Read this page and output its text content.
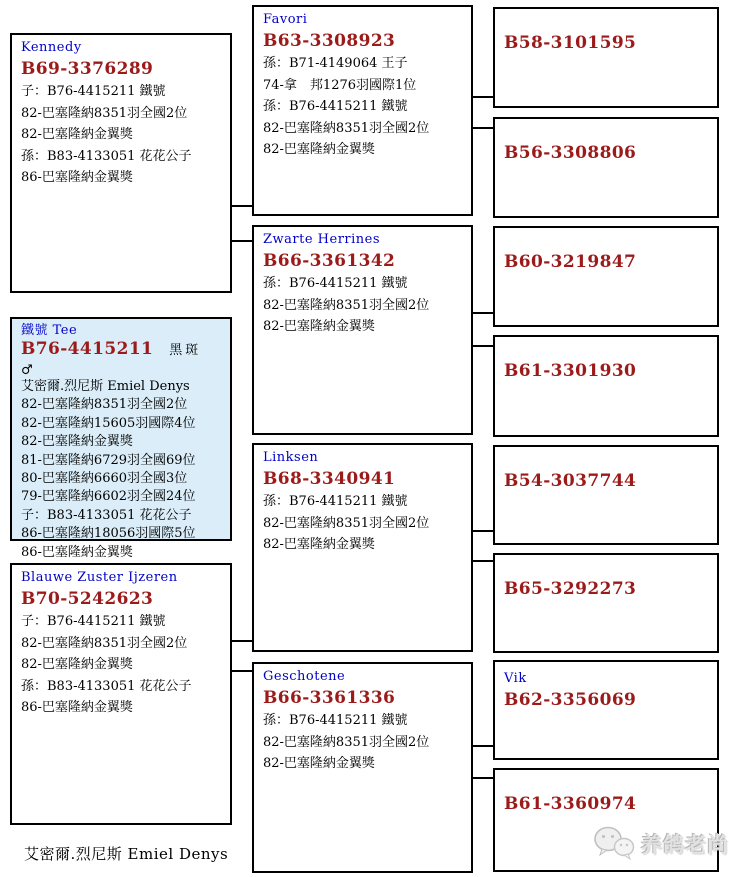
Kennedy
B69-3376289
子：B76-4415211 鐵號
82-巴塞隆納8351羽全國2位
82-巴塞隆納金翼獎
孫：B83-4133051 花花公子
86-巴塞隆納金翼獎
鐵號 Tee
B76-4415211 黑斑　♂
艾密爾.烈尼斯 Emiel Denys
82-巴塞隆納8351羽全國2位
82-巴塞隆納15605羽國際4位
82-巴塞隆納金翼獎
81-巴塞隆納6729羽全國69位
80-巴塞隆納6660羽全國3位
79-巴塞隆納6602羽全國24位
子：B83-4133051 花花公子
86-巴塞隆納18056羽國際5位
86-巴塞隆納金翼獎
Blauwe Zuster Ijzeren
B70-5242623
子：B76-4415211 鐵號
82-巴塞隆納8351羽全國2位
82-巴塞隆納金翼獎
孫：B83-4133051 花花公子
86-巴塞隆納金翼獎
Favori
B63-3308923
孫：B71-4149064 王子
74-拿　邦1276羽國際1位
孫：B76-4415211 鐵號
82-巴塞隆納8351羽全國2位
82-巴塞隆納金翼獎
Zwarte Herrines
B66-3361342
孫：B76-4415211 鐵號
82-巴塞隆納8351羽全國2位
82-巴塞隆納金翼獎
Linksen
B68-3340941
孫：B76-4415211 鐵號
82-巴塞隆納8351羽全國2位
82-巴塞隆納金翼獎
Geschotene
B66-3361336
孫：B76-4415211 鐵號
82-巴塞隆納8351羽全國2位
82-巴塞隆納金翼獎
B58-3101595
B56-3308806
B60-3219847
B61-3301930
B54-3037744
B65-3292273
Vik
B62-3356069
B61-3360974
艾密爾.烈尼斯 Emiel Denys	养鸽老尚
